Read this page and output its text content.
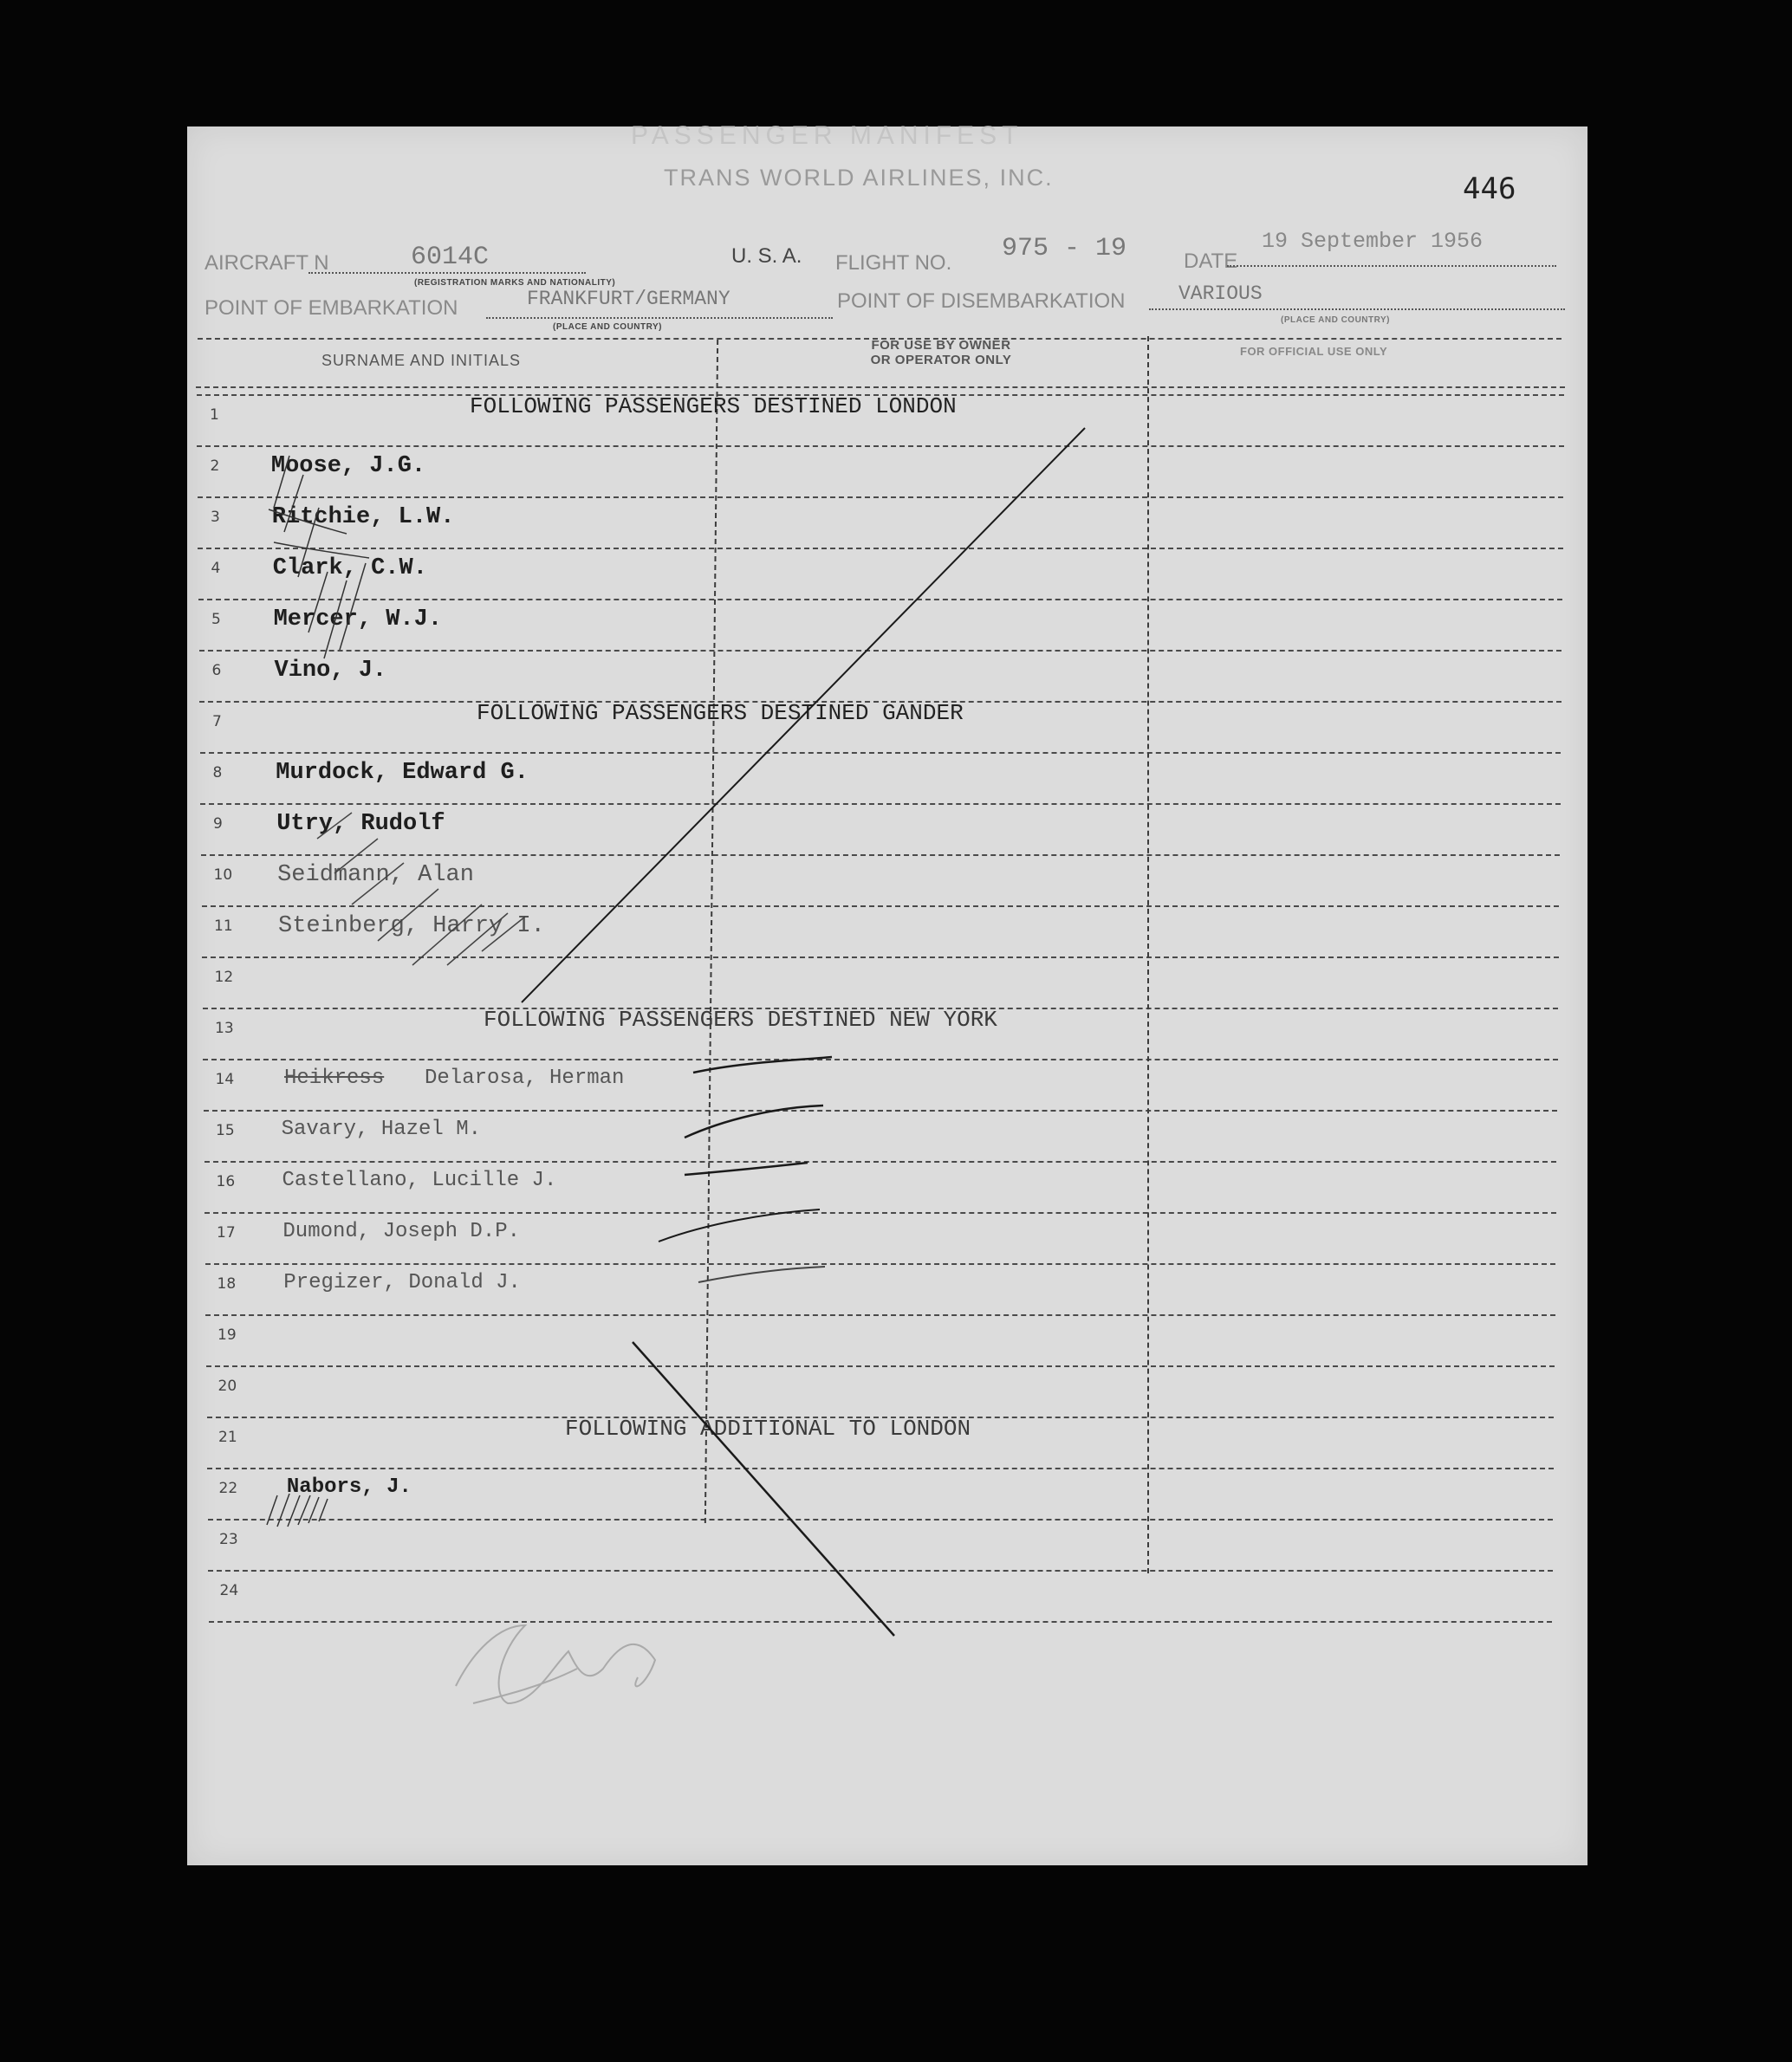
PASSENGER MANIFEST
TRANS WORLD AIRLINES, INC.	446
AIRCRAFT N	6014C
(REGISTRATION MARKS AND NATIONALITY)
U. S. A. FLIGHT NO. 975 - 19	DATE
19 September 1956
POINT OF EMBARKATION	FRANKFURT/GERMANY
(PLACE AND COUNTRY)
POINT OF DISEMBARKATION	VARIOUS
(PLACE AND COUNTRY)
SURNAME AND INITIALS
FOR USE BY OWNER
OR OPERATOR ONLY
FOR OFFICIAL USE ONLY
1	FOLLOWING PASSENGERS DESTINED LONDON
2 Moose, J.G.
3 Ritchie, L.W.
4 Clark, C.W.
5 Mercer, W.J.
6 Vino, J.
7	FOLLOWING PASSENGERS DESTINED GANDER
8 Murdock, Edward G.
9 Utry, Rudolf
10 Seidmann, Alan
11 Steinberg, Harry I.
12
13	FOLLOWING PASSENGERS DESTINED NEW YORK
14 Heikress Delarosa, Herman
15 Savary, Hazel M.
16 Castellano, Lucille J.
17 Dumond, Joseph D.P.
18 Pregizer, Donald J.
19
20
21	FOLLOWING ADDITIONAL TO LONDON
22 Nabors, J.
23
24
